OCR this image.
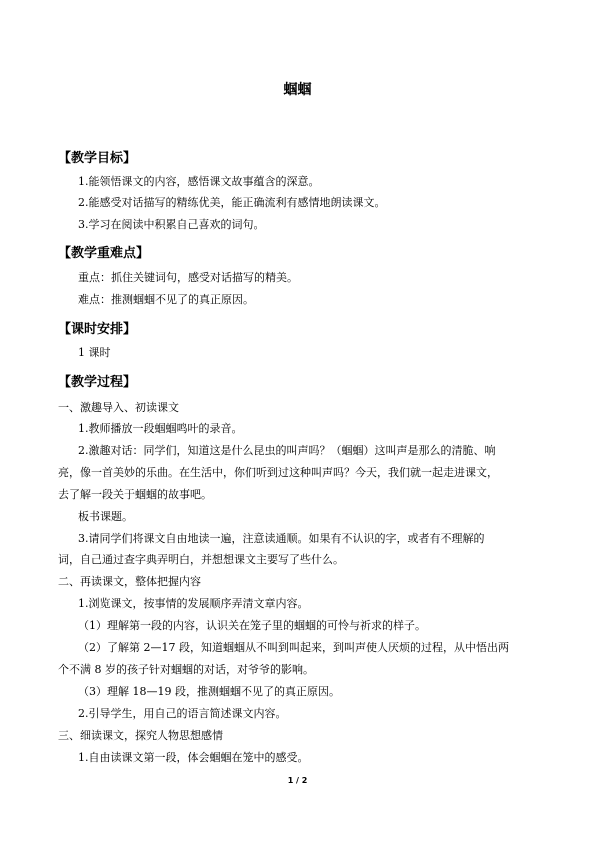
蝈蝈
【教学目标】
1.能领悟课文的内容，感悟课文故事蕴含的深意。
2.能感受对话描写的精练优美，能正确流利有感情地朗读课文。
3.学习在阅读中积累自己喜欢的词句。
【教学重难点】
重点：抓住关键词句，感受对话描写的精美。
难点：推测蝈蝈不见了的真正原因。
【课时安排】
1 课时
【教学过程】
一、激趣导入、初读课文
1.教师播放一段蝈蝈鸣叶的录音。
2.激趣对话：同学们，知道这是什么昆虫的叫声吗？（蝈蝈）这叫声是那么的清脆、响
亮，像一首美妙的乐曲。在生活中，你们听到过这种叫声吗？今天，我们就一起走进课文，
去了解一段关于蝈蝈的故事吧。
板书课题。
3.请同学们将课文自由地读一遍，注意读通顺。如果有不认识的字，或者有不理解的
词，自己通过查字典弄明白，并想想课文主要写了些什么。
二、再读课文，整体把握内容
1.浏览课文，按事情的发展顺序弄清文章内容。
（1）理解第一段的内容，认识关在笼子里的蝈蝈的可怜与祈求的样子。
（2）了解第 2—17 段，知道蝈蝈从不叫到叫起来，到叫声使人厌烦的过程，从中悟出两
个不满 8 岁的孩子针对蝈蝈的对话，对爷爷的影响。
（3）理解 18—19 段，推测蝈蝈不见了的真正原因。
2.引导学生，用自己的语言简述课文内容。
三、细读课文，探究人物思想感情
1.自由读课文第一段，体会蝈蝈在笼中的感受。
1 / 2
